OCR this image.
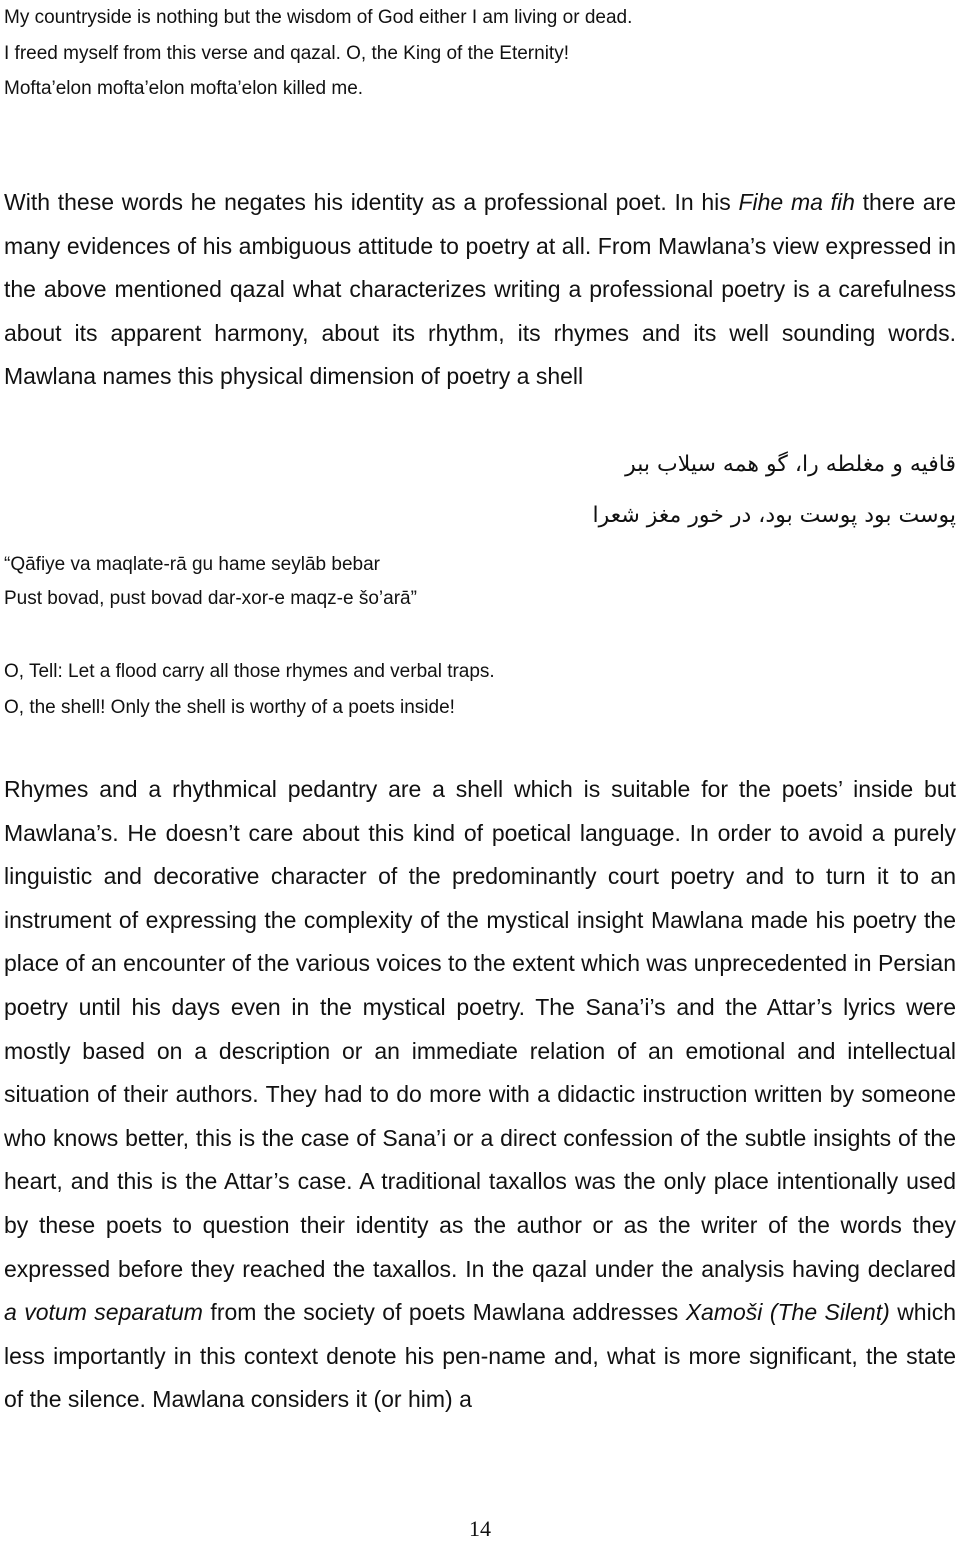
My countryside is nothing but the wisdom of God either I am living or dead.
I freed myself from this verse and qazal. O, the King of the Eternity!
Mofta’elon mofta’elon mofta’elon killed me.

With these words he negates his identity as a professional poet. In his Fihe ma fih there are many evidences of his ambiguous attitude to poetry at all. From Mawlana’s view expressed in the above mentioned qazal what characterizes writing a professional poetry is a carefulness about its apparent harmony, about its rhythm, its rhymes and its well sounding words. Mawlana names this physical dimension of poetry a shell

قافیه و مغلطه را، گو همه سیلاب ببر
پوست بود پوست بود، در خور مغز شعرا
“Qāfiye va maqlate-rā gu hame seylāb bebar
Pust bovad, pust bovad dar-xor-e maqz-e šo’arā”
O, Tell: Let a flood carry all those rhymes and verbal traps.
O, the shell! Only the shell is worthy of a poets inside!

Rhymes and a rhythmical pedantry are a shell which is suitable for the poets’ inside but Mawlana’s. He doesn’t care about this kind of poetical language. In order to avoid a purely linguistic and decorative character of the predominantly court poetry and to turn it to an instrument of expressing the complexity of the mystical insight Mawlana made his poetry the place of an encounter of the various voices to the extent which was unprecedented in Persian poetry until his days even in the mystical poetry. The Sana’i’s and the Attar’s lyrics were mostly based on a description or an immediate relation of an emotional and intellectual situation of their authors. They had to do more with a didactic instruction written by someone who knows better, this is the case of Sana’i or a direct confession of the subtle insights of the heart, and this is the Attar’s case. A traditional taxallos was the only place intentionally used by these poets to question their identity as the author or as the writer of the words they expressed before they reached the taxallos. In the qazal under the analysis having declared a votum separatum from the society of poets Mawlana addresses Xamoši (The Silent) which less importantly in this context denote his pen-name and, what is more significant, the state of the silence. Mawlana considers it (or him) a

14
